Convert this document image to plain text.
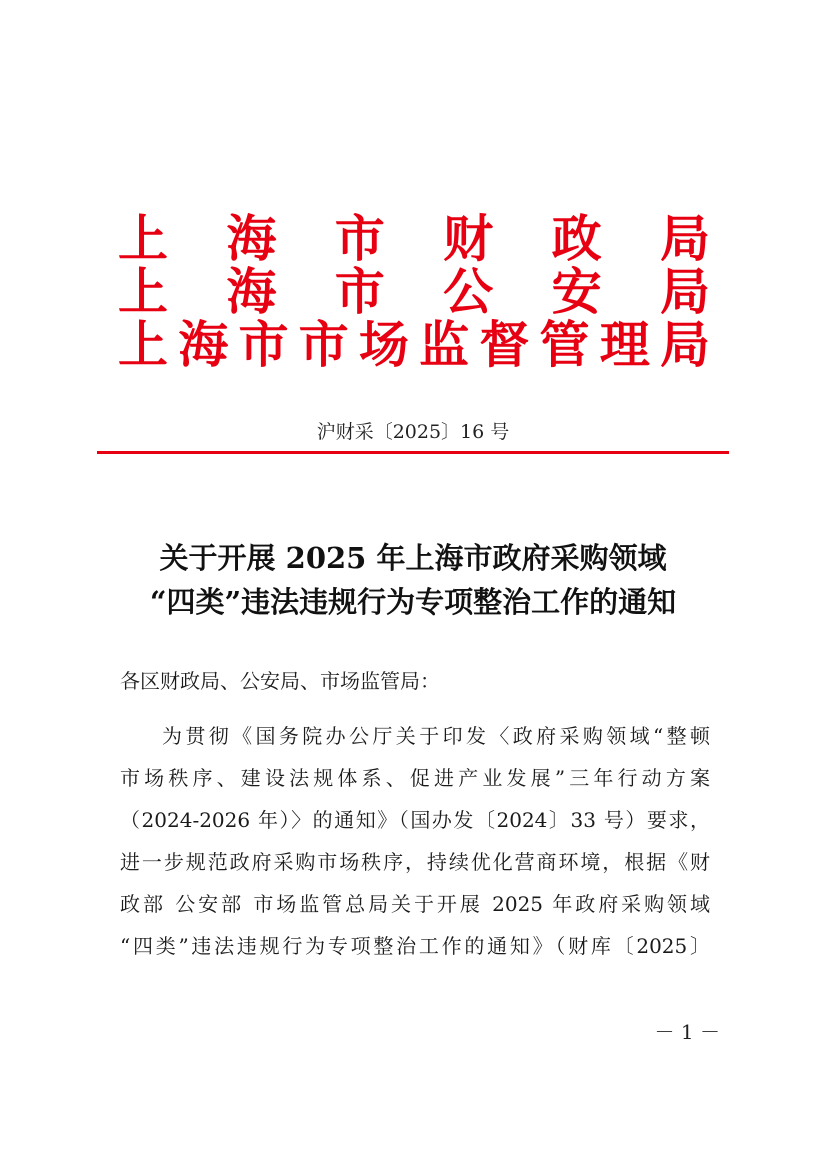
上 海 市 财 政 局
上 海 市 公 安 局
上 海 市 市 场 监 督 管 理 局
沪财采〔2025〕16 号
关于开展 2025 年上海市政府采购领域
“四类”违法违规行为专项整治工作的通知
各区财政局、公安局、市场监管局：
为贯彻《国务院办公厅关于印发〈政府采购领域“整顿
市场秩序、建设法规体系、促进产业发展”三年行动方案
（2024-2026 年）〉的通知》（国办发〔2024〕33 号）要求，
进一步规范政府采购市场秩序，持续优化营商环境，根据《财
政部 公安部 市场监管总局关于开展 2025 年政府采购领域
“四类”违法违规行为专项整治工作的通知》（财库〔2025〕
－ 1 －
